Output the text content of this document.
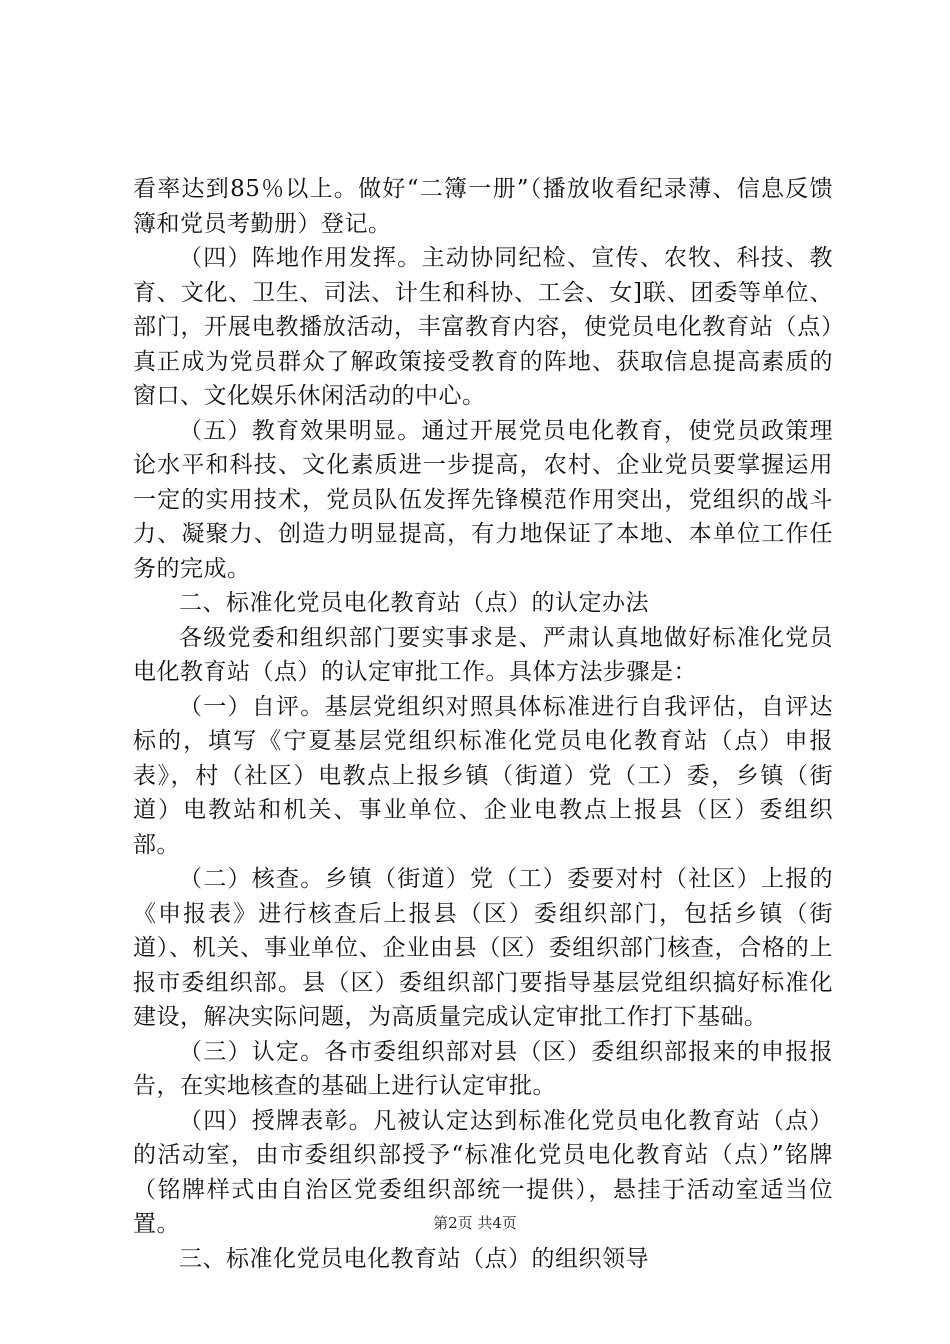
看率达到85％以上。做好“二簿一册”（播放收看纪录薄、信息反馈簿和党员考勤册）登记。

（四）阵地作用发挥。主动协同纪检、宣传、农牧、科技、教育、文化、卫生、司法、计生和科协、工会、女]联、团委等单位、部门，开展电教播放活动，丰富教育内容，使党员电化教育站（点）真正成为党员群众了解政策接受教育的阵地、获取信息提高素质的窗口、文化娱乐休闲活动的中心。

（五）教育效果明显。通过开展党员电化教育，使党员政策理论水平和科技、文化素质进一步提高，农村、企业党员要掌握运用一定的实用技术，党员队伍发挥先锋模范作用突出，党组织的战斗力、凝聚力、创造力明显提高，有力地保证了本地、本单位工作任务的完成。

二、标准化党员电化教育站（点）的认定办法

各级党委和组织部门要实事求是、严肃认真地做好标准化党员电化教育站（点）的认定审批工作。具体方法步骤是：

（一）自评。基层党组织对照具体标准进行自我评估，自评达标的，填写《宁夏基层党组织标准化党员电化教育站（点）申报表》，村（社区）电教点上报乡镇（街道）党（工）委，乡镇（街道）电教站和机关、事业单位、企业电教点上报县（区）委组织部。

（二）核查。乡镇（街道）党（工）委要对村（社区）上报的《申报表》进行核查后上报县（区）委组织部门，包括乡镇（街道）、机关、事业单位、企业由县（区）委组织部门核查，合格的上报市委组织部。县（区）委组织部门要指导基层党组织搞好标准化建设，解决实际问题，为高质量完成认定审批工作打下基础。

（三）认定。各市委组织部对县（区）委组织部报来的申报报告，在实地核查的基础上进行认定审批。

（四）授牌表彰。凡被认定达到标准化党员电化教育站（点）的活动室，由市委组织部授予“标准化党员电化教育站（点）”铭牌（铭牌样式由自治区党委组织部统一提供），悬挂于活动室适当位置。

三、标准化党员电化教育站（点）的组织领导

第2页 共4页
